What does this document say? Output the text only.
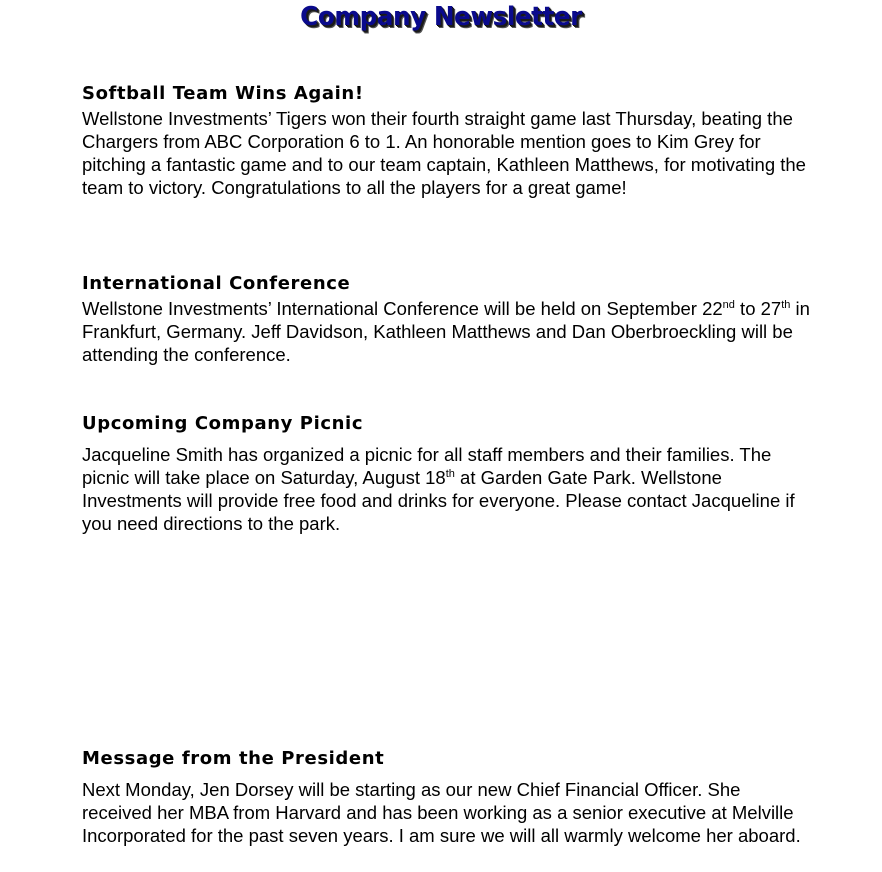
Company Newsletter
Softball Team Wins Again!

Wellstone Investments’ Tigers won their fourth straight game last Thursday, beating the Chargers from ABC Corporation 6 to 1. An honorable mention goes to Kim Grey for pitching a fantastic game and to our team captain, Kathleen Matthews, for motivating the team to victory. Congratulations to all the players for a great game!

International Conference

Wellstone Investments’ International Conference will be held on September 22nd to 27th in Frankfurt, Germany. Jeff Davidson, Kathleen Matthews and Dan Oberbroeckling will be attending the conference.

Upcoming Company Picnic

Jacqueline Smith has organized a picnic for all staff members and their families. The picnic will take place on Saturday, August 18th at Garden Gate Park. Wellstone Investments will provide free food and drinks for everyone. Please contact Jacqueline if you need directions to the park.

Message from the President

Next Monday, Jen Dorsey will be starting as our new Chief Financial Officer. She received her MBA from Harvard and has been working as a senior executive at Melville Incorporated for the past seven years. I am sure we will all warmly welcome her aboard.
